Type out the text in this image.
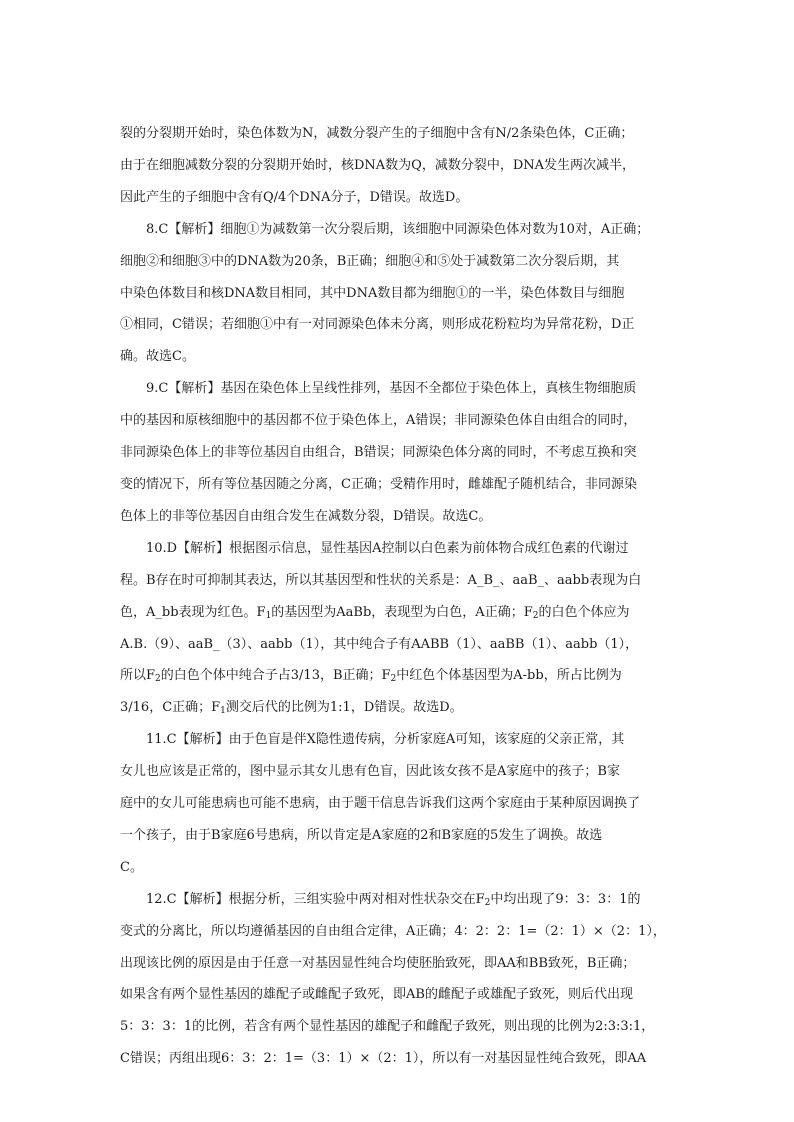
裂的分裂期开始时，染色体数为N，减数分裂产生的子细胞中含有N/2条染色体，C正确；
由于在细胞减数分裂的分裂期开始时，核DNA数为Q，减数分裂中，DNA发生两次减半，
因此产生的子细胞中含有Q/4个DNA分子，D错误。故选D。
8.C【解析】细胞①为减数第一次分裂后期，该细胞中同源染色体对数为10对，A正确；
细胞②和细胞③中的DNA数为20条，B正确；细胞④和⑤处于减数第二次分裂后期，其
中染色体数目和核DNA数目相同，其中DNA数目都为细胞①的一半，染色体数目与细胞
①相同，C错误；若细胞①中有一对同源染色体未分离，则形成花粉粒均为异常花粉，D正
确。故选C。
9.C【解析】基因在染色体上呈线性排列，基因不全都位于染色体上，真核生物细胞质
中的基因和原核细胞中的基因都不位于染色体上，A错误；非同源染色体自由组合的同时，
非同源染色体上的非等位基因自由组合，B错误；同源染色体分离的同时，不考虑互换和突
变的情况下，所有等位基因随之分离，C正确；受精作用时，雌雄配子随机结合，非同源染
色体上的非等位基因自由组合发生在减数分裂，D错误。故选C。
10.D【解析】根据图示信息，显性基因A控制以白色素为前体物合成红色素的代谢过
程。B存在时可抑制其表达，所以其基因型和性状的关系是：A_B_、aaB_、aabb表现为白
色，A_bb表现为红色。$F_1$的基因型为AaBb，表现型为白色，A正确；$F_2$的白色个体应为
A.B.（9）、aaB_（3）、aabb（1），其中纯合子有AABB（1）、aaBB（1）、aabb（1），
所以$F_2$的白色个体中纯合子占3/13，B正确；$F_2$中红色个体基因型为A-bb，所占比例为
3/16，C正确；$F_1$测交后代的比例为1:1，D错误。故选D。
11.C【解析】由于色盲是伴X隐性遗传病，分析家庭A可知，该家庭的父亲正常，其
女儿也应该是正常的，图中显示其女儿患有色盲，因此该女孩不是A家庭中的孩子；B家
庭中的女儿可能患病也可能不患病，由于题干信息告诉我们这两个家庭由于某种原因调换了
一个孩子，由于B家庭6号患病，所以肯定是A家庭的2和B家庭的5发生了调换。故选
C。
12.C【解析】根据分析，三组实验中两对相对性状杂交在$F_2$中均出现了9：3：3：1的
变式的分离比，所以均遵循基因的自由组合定律，A正确；4：2：2：1=（2：1）×（2：1），
出现该比例的原因是由于任意一对基因显性纯合均使胚胎致死，即AA和BB致死，B正确；
如果含有两个显性基因的雄配子或雌配子致死，即AB的雌配子或雄配子致死，则后代出现
5：3：3：1的比例，若含有两个显性基因的雄配子和雌配子致死，则出现的比例为2:3:3:1，
C错误；丙组出现6：3：2：1=（3：1）×（2：1），所以有一对基因显性纯合致死，即AA
